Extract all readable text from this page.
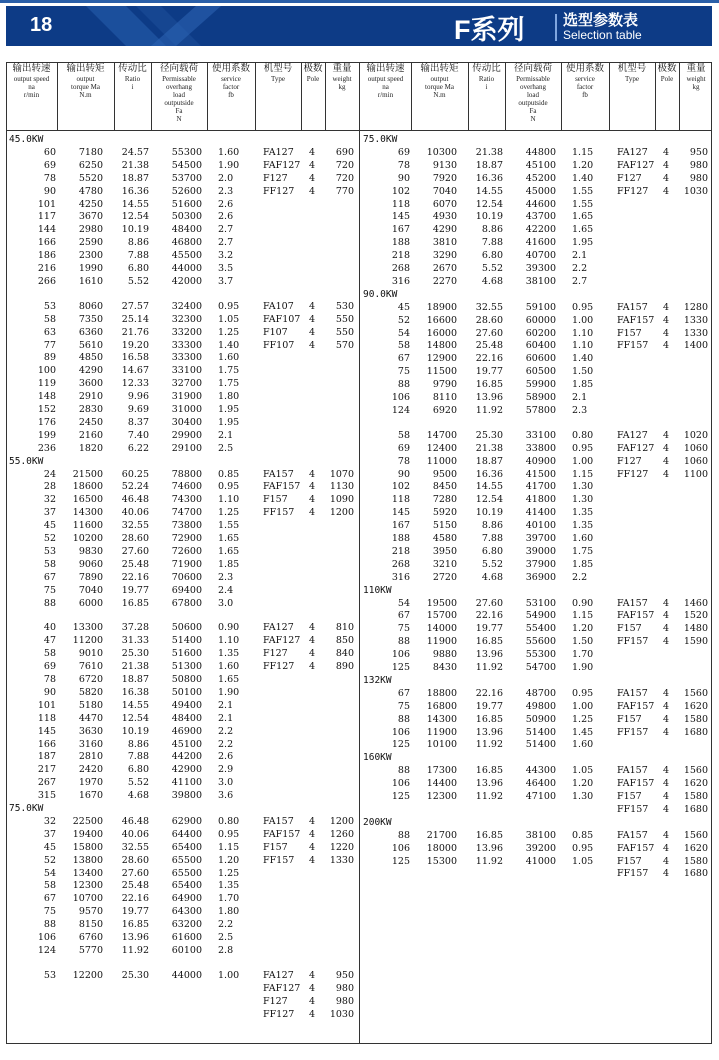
18	F系列	选型参数表
Selection table
输出转速
output speed
na
r/min
输出转矩
output
torque Ma
N.m
传动比
Ratio
i
径向载荷
Permissable
overhang
load
outputside
Fa
N
使用系数
service
factor
fb
机型号
Type
极数
Pole
重量
weight
kg
45.0KW
60 7180 24.57 55300 1.60	FA127 4 690
69 6250 21.38 54500 1.90	FAF127 4 720
78 5520 18.87 53700 2.0	F127 4 720
90 4780 16.36 52600 2.3	FF127 4 770
101 4250 14.55 51600 2.6
117 3670 12.54 50300 2.6
144 2980 10.19 48400 2.7
166 2590	8.86 46800 2.7
186 2300	7.88 45500 3.2
216 1990	6.80 44000 3.5
266 1610	5.52 42000 3.7
53 8060 27.57 32400 0.95	FA107 4 530
58 7350 25.14 32300 1.05	FAF107 4 550
63 6360 21.76 33200 1.25	F107 4 550
77 5610 19.20 33300 1.40	FF107 4 570
89 4850 16.58 33300 1.60
100 4290 14.67 33100 1.75
119 3600 12.33 32700 1.75
148 2910	9.96 31900 1.80
152 2830	9.69 31000 1.95
176 2450	8.37 30400 1.95
199 2160	7.40 29900 2.1
236 1820	6.22 29100 2.5
55.0KW
24 21500 60.25 78800 0.85	FA157 4 1070
28 18600 52.24 74600 0.95	FAF157 4 1130
32 16500 46.48 74300 1.10	F157 4 1090
37 14300 40.06 74700 1.25	FF157 4 1200
45 11600 32.55 73800 1.55
52 10200 28.60 72900 1.65
53 9830 27.60 72600 1.65
58 9060 25.48 71900 1.85
67 7890 22.16 70600 2.3
75 7040 19.77 69400 2.4
88 6000 16.85 67800 3.0
40 13300 37.28 50600 0.90	FA127 4 810
47 11200 31.33 51400 1.10	FAF127 4 850
58 9010 25.30 51600 1.35	F127 4 840
69 7610 21.38 51300 1.60	FF127 4 890
78 6720 18.87 50800 1.65
90 5820 16.38 50100 1.90
101 5180 14.55 49400 2.1
118 4470 12.54 48400 2.1
145 3630 10.19 46900 2.2
166 3160	8.86 45100 2.2
187 2810	7.88 44200 2.6
217 2420	6.80 42900 2.9
267 1970	5.52 41100 3.0
315 1670	4.68 39800 3.6
75.0KW
32 22500 46.48 62900 0.80	FA157 4 1200
37 19400 40.06 64400 0.95	FAF157 4 1260
45 15800 32.55 65400 1.15	F157 4 1220
52 13800 28.60 65500 1.20	FF157 4 1330
54 13400 27.60 65500 1.25
58 12300 25.48 65400 1.35
67 10700 22.16 64900 1.70
75 9570 19.77 64300 1.80
88 8150 16.85 63200 2.2
106 6760 13.96 61600 2.5
124 5770 11.92 60100 2.8
53 12200 25.30 44000 1.00	FA127 4 950
FAF127 4 980
F127 4 980
FF127 4 1030
输出转速
output speed
na
r/min
输出转矩
output
torque Ma
N.m
传动比
Ratio
i
径向载荷
Permissable
overhang
load
outputside
Fa
N
使用系数
service
factor
fb
机型号
Type
极数
Pole
重量
weight
kg
75.0KW
69 10300 21.38 44800 1.15	FA127 4 950
78 9130 18.87 45100 1.20	FAF127 4 980
90 7920 16.36 45200 1.40	F127 4 980
102 7040 14.55 45000 1.55	FF127 4 1030
118 6070 12.54 44600 1.55
145 4930 10.19 43700 1.65
167 4290	8.86 42200 1.65
188 3810	7.88 41600 1.95
218 3290	6.80 40700 2.1
268 2670	5.52 39300 2.2
316 2270	4.68 38100 2.7
90.0KW
45 18900 32.55 59100 0.95	FA157 4 1280
52 16600 28.60 60000 1.00	FAF157 4 1330
54 16000 27.60 60200 1.10	F157 4 1330
58 14800 25.48 60400 1.10	FF157 4 1400
67 12900 22.16 60600 1.40
75 11500 19.77 60500 1.50
88 9790 16.85 59900 1.85
106 8110 13.96 58900 2.1
124 6920 11.92 57800 2.3
58 14700 25.30 33100 0.80	FA127 4 1020
69 12400 21.38 33800 0.95	FAF127 4 1060
78 11000 18.87 40900 1.00	F127 4 1060
90 9500 16.36 41500 1.15	FF127 4 1100
102 8450 14.55 41700 1.30
118 7280 12.54 41800 1.30
145 5920 10.19 41400 1.35
167 5150	8.86 40100 1.35
188 4580	7.88 39700 1.60
218 3950	6.80 39000 1.75
268 3210	5.52 37900 1.85
316 2720	4.68 36900 2.2
110KW
54 19500 27.60 53100 0.90	FA157 4 1460
67 15700 22.16 54900 1.15	FAF157 4 1520
75 14000 19.77 55400 1.20	F157 4 1480
88 11900 16.85 55600 1.50	FF157 4 1590
106 9880 13.96 55300 1.70
125 8430 11.92 54700 1.90
132KW
67 18800 22.16 48700 0.95	FA157 4 1560
75 16800 19.77 49800 1.00	FAF157 4 1620
88 14300 16.85 50900 1.25	F157 4 1580
106 11900 13.96 51400 1.45	FF157 4 1680
125 10100 11.92 51400 1.60
160KW
88 17300 16.85 44300 1.05	FA157 4 1560
106 14400 13.96 46400 1.20	FAF157 4 1620
125 12300 11.92 47100 1.30	F157 4 1580
FF157 4 1680
200KW
88 21700 16.85 38100 0.85	FA157 4 1560
106 18000 13.96 39200 0.95	FAF157 4 1620
125 15300 11.92 41000 1.05	F157 4 1580
FF157 4 1680
